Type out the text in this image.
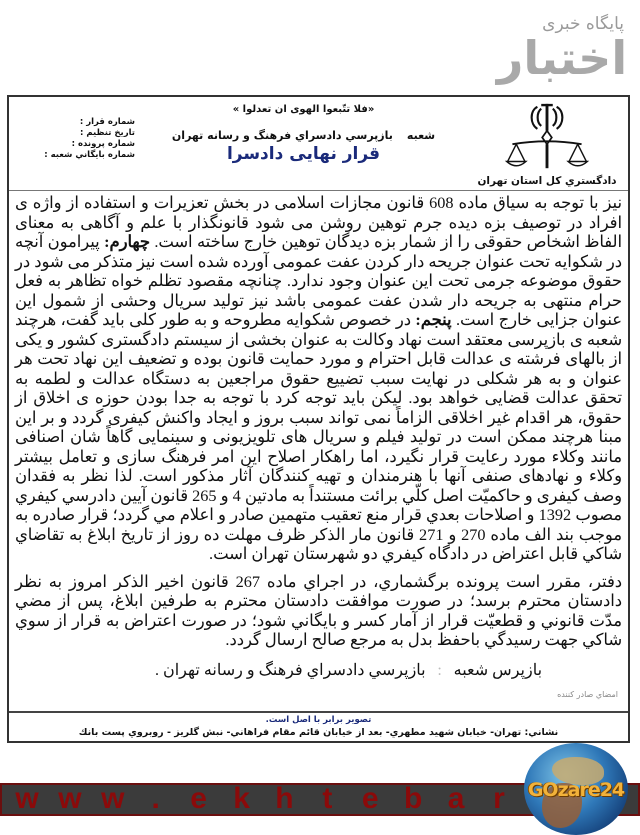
پایگاه خبری
اختبار
دادگستري كل استان تهران
«فلا تتّبعوا الهوى ان تعدلوا »
شعبه
بازپرسي دادسراي فرهنگ و رسانه تهران
قرار نهایی دادسرا
شماره قرار :
تاريخ تنظيم :
شماره پرونده :
شماره بايگاني شعبه :

نیز با توجه به سیاق ماده 608 قانون مجازات اسلامی در بخش تعزیرات و استفاده از واژه ی افراد در توصیف بزه دیده جرم توهین روشن می شود قانونگذار با علم و آگاهی به معنای الفاظ اشخاص حقوقی را از شمار بزه دیدگان توهین خارج ساخته است. چهارم: پیرامون آنچه در شکوایه تحت عنوان جریحه دار کردن عفت عمومی آورده شده است نیز متذکر می شود در حقوق موضوعه جرمی تحت این عنوان وجود ندارد. چنانچه مقصود تظلم خواه تظاهر به فعل حرام منتهی به جریحه دار شدن عفت عمومی باشد نیز تولید سریال وحشی از شمول این عنوان جزایی خارج است. پنجم: در خصوص شکوایه مطروحه و به طور کلی باید گفت، هرچند شعبه ی بازپرسی معتقد است نهاد وکالت به عنوان بخشی از سیستم دادگستری کشور و یکی از بالهای فرشته ی عدالت قابل احترام و مورد حمایت قانون بوده و تضعیف این نهاد تحت هر عنوان و به هر شکلی در نهایت سبب تضییع حقوق مراجعین به دستگاه عدالت و لطمه به تحقق عدالت قضایی خواهد بود. لیکن باید توجه کرد با توجه به جدا بودن حوزه ی اخلاق از حقوق، هر اقدام غیر اخلاقی الزاماً نمی تواند سبب بروز و ایجاد واکنش کیفری گردد و بر این مبنا هرچند ممکن است در تولید فیلم و سریال های تلویزیونی و سینمایی گاهاً شان اصنافی مانند وکلاء مورد رعایت قرار نگیرد، اما راهکار اصلاح این امر فرهنگ سازی و تعامل بیشتر وکلاء و نهادهای صنفی آنها با هنرمندان و تهیه کنندگان آثار مذکور است. لذا نظر به فقدان وصف کیفری و حاکميّت اصل کلّي برائت مستنداً به مادتين 4 و 265 قانون آيين دادرسي کيفري مصوب 1392 و اصلاحات بعدي قرار منع تعقيب متهمين صادر و اعلام مي گردد؛ قرار صادره به موجب بند الف ماده 270 و 271 قانون مار الذکر ظرف مهلت ده روز از تاريخ ابلاغ به تقاضاي شاکي قابل اعتراض در دادگاه کيفري دو شهرستان تهران است.

دفتر، مقرر است پرونده برگشماري، در اجراي ماده 267 قانون اخير الذكر امروز به نظر دادستان محترم برسد؛ در صورت موافقت دادستان محترم به طرفين ابلاغ، پس از مضي مدّت قانوني و قطعيّت قرار از آمار كسر و بايگاني شود؛ در صورت اعتراض به قرار از سوي شاكي جهت رسيدگي باحفظ بدل به مرجع صالح ارسال گردد.

بازپرس شعبه : بازپرسي دادسراي فرهنگ و رسانه تهران .
امضاي صادر كننده
تصوير برابر با اصل است.
نشاني: تهران- خيابان شهيد مطهري- بعد از خيابان قائم مقام فراهاني- نبش گلريز - روبروي پست بانك
w w w .	e k h t e b a r	GOzare24
